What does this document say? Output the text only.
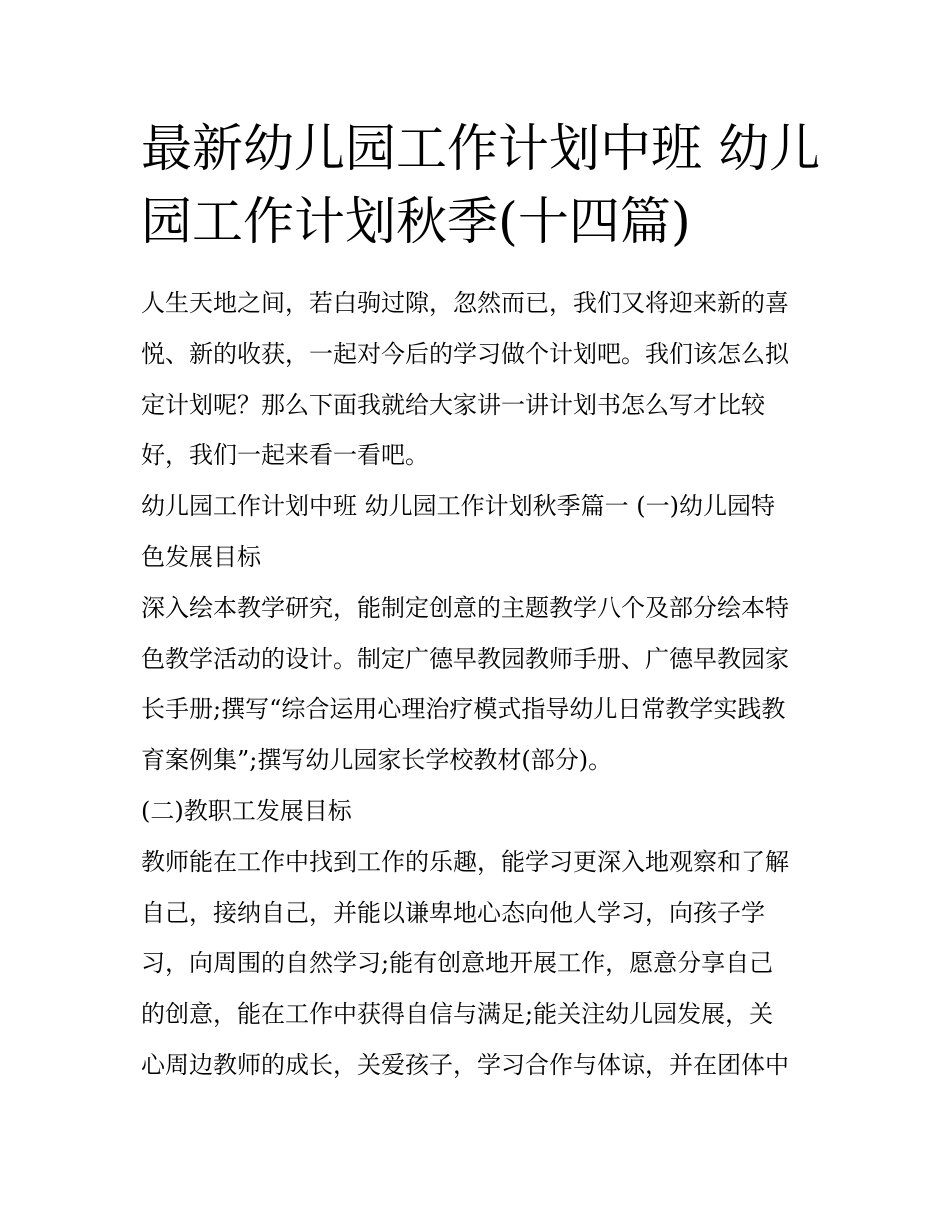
最新幼儿园工作计划中班 幼儿
园工作计划秋季(十四篇)
人生天地之间，若白驹过隙，忽然而已，我们又将迎来新的喜
悦、新的收获，一起对今后的学习做个计划吧。我们该怎么拟
定计划呢？那么下面我就给大家讲一讲计划书怎么写才比较
好，我们一起来看一看吧。
幼儿园工作计划中班 幼儿园工作计划秋季篇一 (一)幼儿园特
色发展目标
深入绘本教学研究，能制定创意的主题教学八个及部分绘本特
色教学活动的设计。制定广德早教园教师手册、广德早教园家
长手册;撰写“综合运用心理治疗模式指导幼儿日常教学实践教
育案例集”;撰写幼儿园家长学校教材(部分)。
(二)教职工发展目标
教师能在工作中找到工作的乐趣，能学习更深入地观察和了解
自己，接纳自己，并能以谦卑地心态向他人学习，向孩子学
习，向周围的自然学习;能有创意地开展工作，愿意分享自己
的创意，能在工作中获得自信与满足;能关注幼儿园发展，关
心周边教师的成长，关爱孩子，学习合作与体谅，并在团体中
